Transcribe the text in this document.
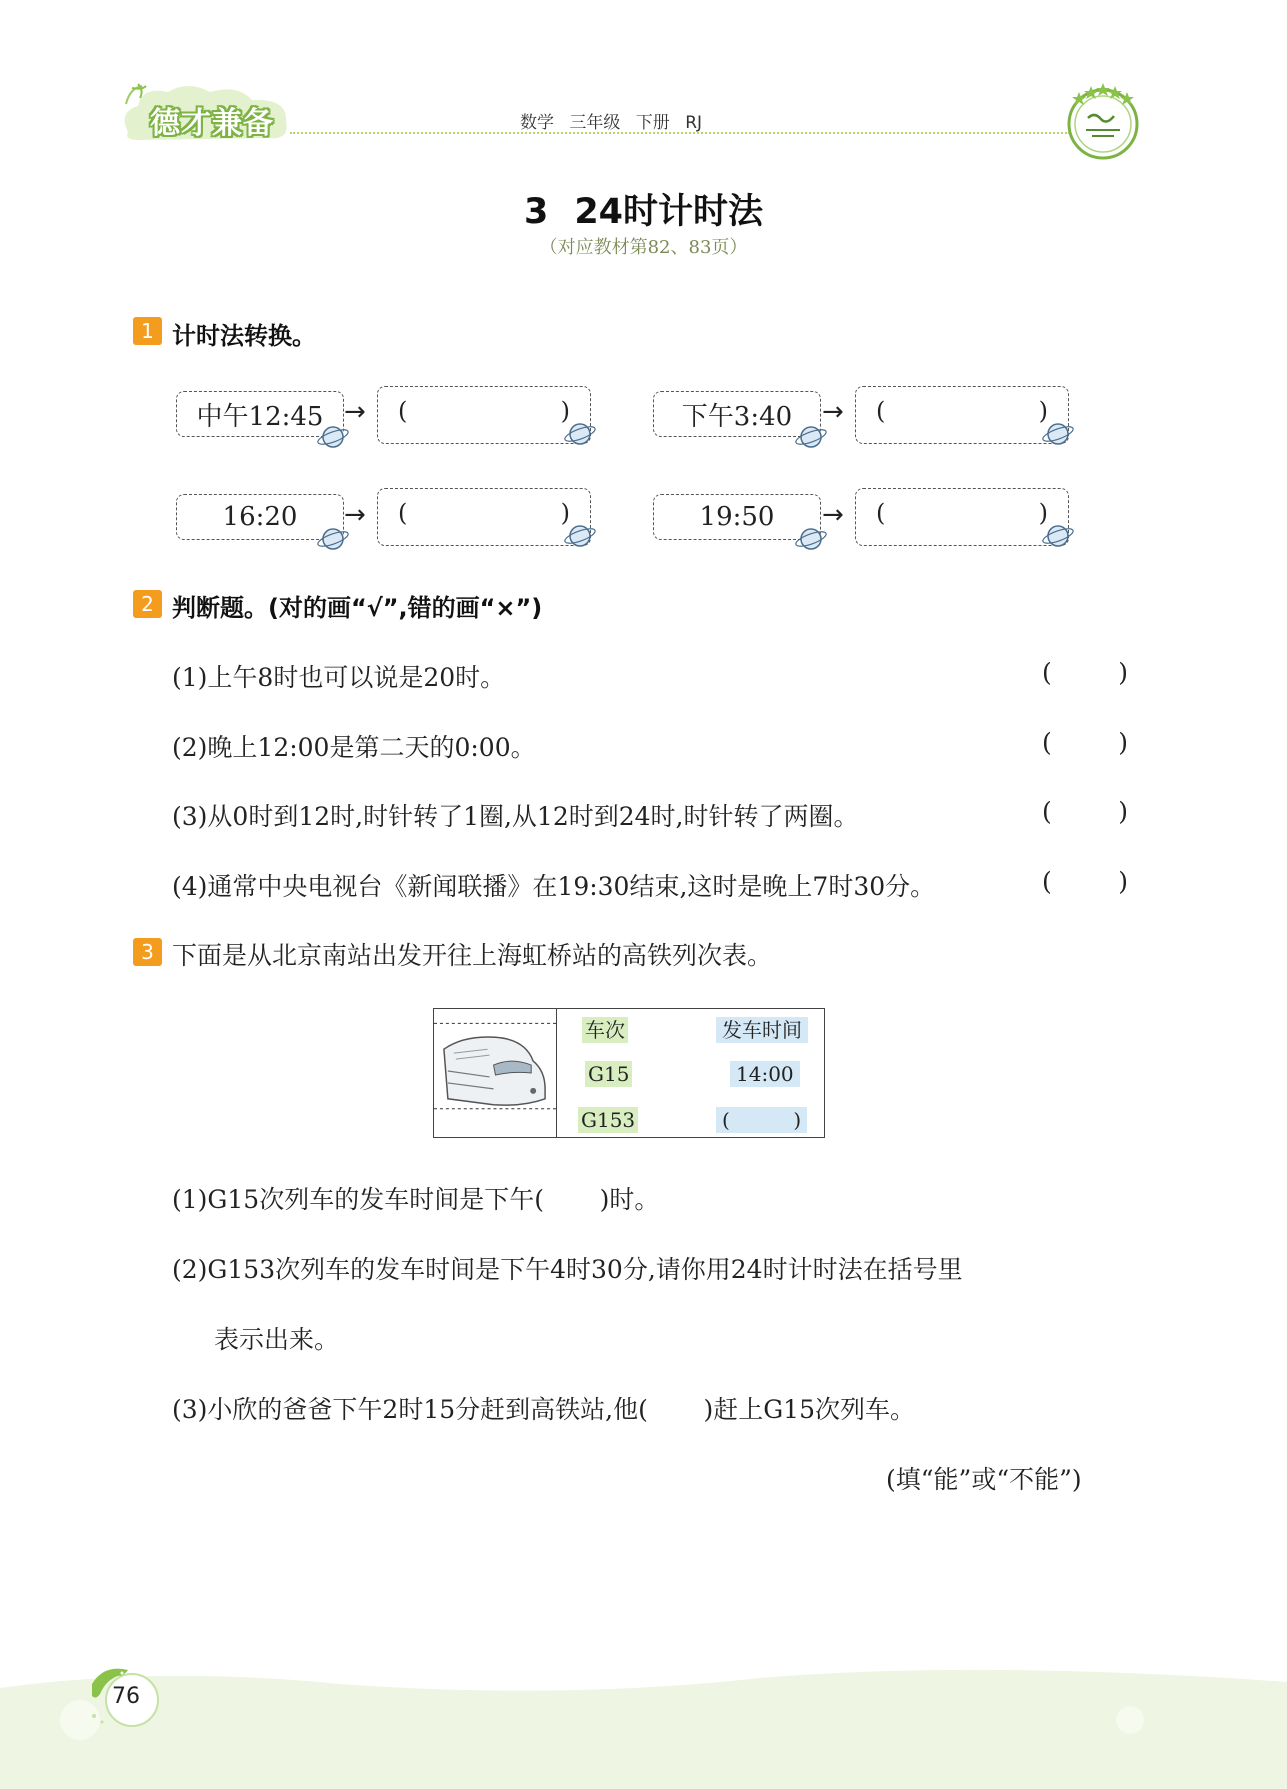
德才兼备	数学 三年级 下册 RJ
3 24时计时法
（对应教材第82、83页）
1 计时法转换。
中午12:45 → (	)	下午3:40	→ (	)
16:20	→ (	)	19:50	→ (	)
2 判断题。(对的画“√”,错的画“×”)
(1)上午8时也可以说是20时。	(	)
(2)晚上12:00是第二天的0:00。	(	)
(3)从0时到12时,时针转了1圈,从12时到24时,时针转了两圈。	(	)
(4)通常中央电视台《新闻联播》在19:30结束,这时是晚上7时30分。	(	)
3 下面是从北京南站出发开往上海虹桥站的高铁列次表。
车次	发车时间
G15	14:00
G153	(          )
(1)G15次列车的发车时间是下午(       )时。
(2)G153次列车的发车时间是下午4时30分,请你用24时计时法在括号里
表示出来。
(3)小欣的爸爸下午2时15分赶到高铁站,他(       )赶上G15次列车。
(填“能”或“不能”)
76
